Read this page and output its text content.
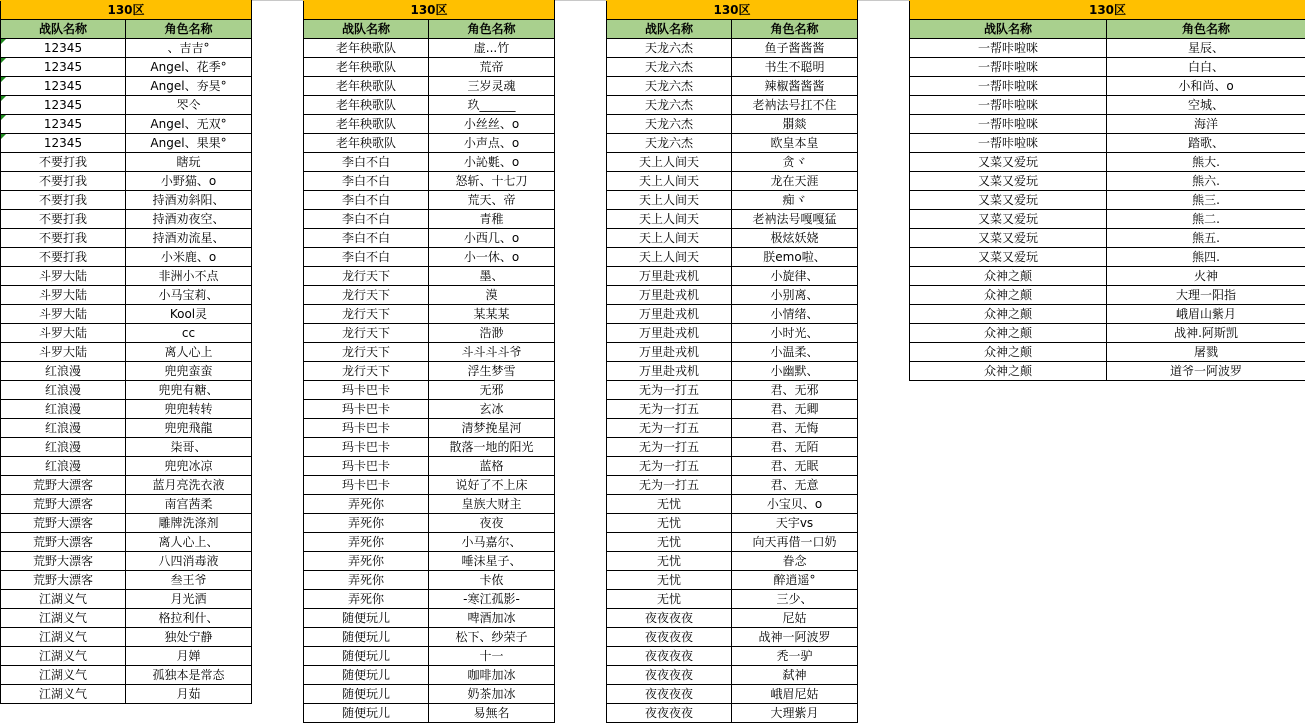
130区	
战队名称	角色名称
12345	、吉吉°
12345	Angel、花季°
12345	Angel、夯昊°
12345	罖仒
12345	Angel、无双°
12345	Angel、果果°
不要打我	瞎玩
不要打我	小野猫、o
不要打我	持酒劝斜阳、
不要打我	持酒劝夜空、
不要打我	持酒劝流星、
不要打我	小米鹿、o
斗罗大陆	非洲小不点
斗罗大陆	小马宝莉、
斗罗大陆	Kool灵
斗罗大陆	cc
斗罗大陆	离人心上
红浪漫	兜兜蛮蛮
红浪漫	兜兜有糖、
红浪漫	兜兜转转
红浪漫	兜兜飛龍
红浪漫	柒哥、
红浪漫	兜兜冰凉
荒野大漂客	蓝月亮洗衣液
荒野大漂客	南宫茜柔
荒野大漂客	雕牌洗涤剂
荒野大漂客	离人心上、
荒野大漂客	八四消毒液
荒野大漂客	叁王爷
江湖义气	月光洒
江湖义气	格拉利什、
江湖义气	独处宁静
江湖义气	月婵
江湖义气	孤独本是常态
江湖义气	月茹
130区	
战队名称	角色名称
老年秧歌队	虚...竹
老年秧歌队	荒帝
老年秧歌队	三岁灵魂
老年秧歌队	玖______
老年秧歌队	小丝丝、o
老年秧歌队	小声点、o
李白不白	小訫氀、o
李白不白	怒斩、十七刀
李白不白	荒天、帝
李白不白	青稚
李白不白	小西几、o
李白不白	小一休、o
龙行天下	墨、
龙行天下	漠
龙行天下	某某某
龙行天下	浩渺
龙行天下	斗斗斗斗爷
龙行天下	浮生梦雪
玛卡巴卡	无邪
玛卡巴卡	玄冰
玛卡巴卡	清梦挽星河
玛卡巴卡	散落一地的阳光
玛卡巴卡	蓝格
玛卡巴卡	说好了不上床
弄死你	皇族大财主
弄死你	夜夜
弄死你	小马嘉尔、
弄死你	唾沫星子、
弄死你	卡侬
弄死你	-寒江孤影-
随便玩儿	啤酒加冰
随便玩儿	松下、纱荣子
随便玩儿	十一
随便玩儿	咖啡加冰
随便玩儿	奶茶加冰
随便玩儿	易無名
130区	
战队名称	角色名称
天龙六杰	鱼子酱酱酱
天龙六杰	书生不聪明
天龙六杰	辣椒酱酱酱
天龙六杰	老衲法号扛不住
天龙六杰	朤燚
天龙六杰	欧皇本皇
天上人间天	贪ヾ
天上人间天	龙在天涯
天上人间天	痴ヾ
天上人间天	老衲法号嘎嘎猛
天上人间天	极炫妖娆
天上人间天	朕emo啦、
万里赴戎机	小旋律、
万里赴戎机	小别离、
万里赴戎机	小情绪、
万里赴戎机	小时光、
万里赴戎机	小温柔、
万里赴戎机	小幽默、
无为一打五	君、无邪
无为一打五	君、无卿
无为一打五	君、无悔
无为一打五	君、无陌
无为一打五	君、无眠
无为一打五	君、无意
无忧	小宝贝、o
无忧	天宇vs
无忧	向天再借一口奶
无忧	眷念
无忧	醉逍遥°
无忧	三少、
夜夜夜夜	尼姑
夜夜夜夜	战神一阿波罗
夜夜夜夜	秃一驴
夜夜夜夜	弑神
夜夜夜夜	峨眉尼姑
夜夜夜夜	大理紫月
130区	
战队名称	角色名称
一帮咔啦咪	星辰、
一帮咔啦咪	白白、
一帮咔啦咪	小和尚、o
一帮咔啦咪	空城、
一帮咔啦咪	海洋
一帮咔啦咪	踏歌、
又菜又爱玩	熊大.
又菜又爱玩	熊六.
又菜又爱玩	熊三.
又菜又爱玩	熊二.
又菜又爱玩	熊五.
又菜又爱玩	熊四.
众神之颠	火神
众神之颠	大理一阳指
众神之颠	峨眉山紫月
众神之颠	战神.阿斯凯
众神之颠	屠戮
众神之颠	道爷一阿波罗
